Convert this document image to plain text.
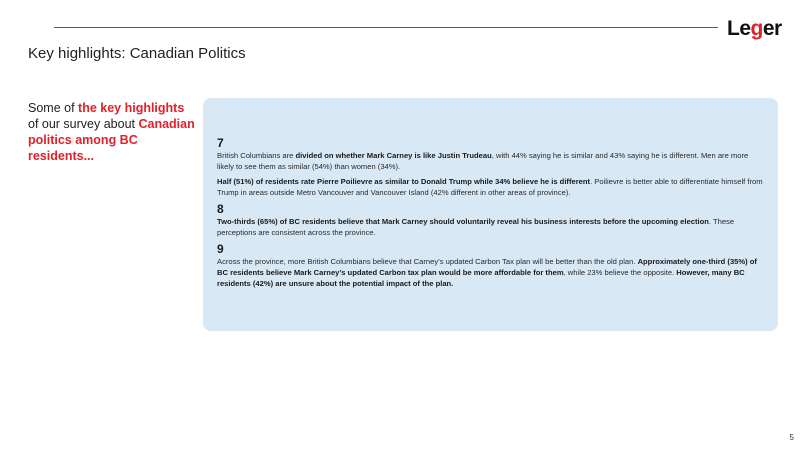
Leger
Key highlights: Canadian Politics
Some of the key highlights of our survey about Canadian politics among BC residents...
7

British Columbians are divided on whether Mark Carney is like Justin Trudeau, with 44% saying he is similar and 43% saying he is different. Men are more likely to see them as similar (54%) than women (34%).

Half (51%) of residents rate Pierre Poilievre as similar to Donald Trump while 34% believe he is different. Poilievre is better able to differentiate himself from Trump in areas outside Metro Vancouver and Vancouver Island (42% different in other areas of province).

8

Two-thirds (65%) of BC residents believe that Mark Carney should voluntarily reveal his business interests before the upcoming election. These perceptions are consistent across the province.

9

Across the province, more British Columbians believe that Carney’s updated Carbon Tax plan will be better than the old plan. Approximately one-third (35%) of BC residents believe Mark Carney’s updated Carbon tax plan would be more affordable for them, while 23% believe the opposite. However, many BC residents (42%) are unsure about the potential impact of the plan.

5
